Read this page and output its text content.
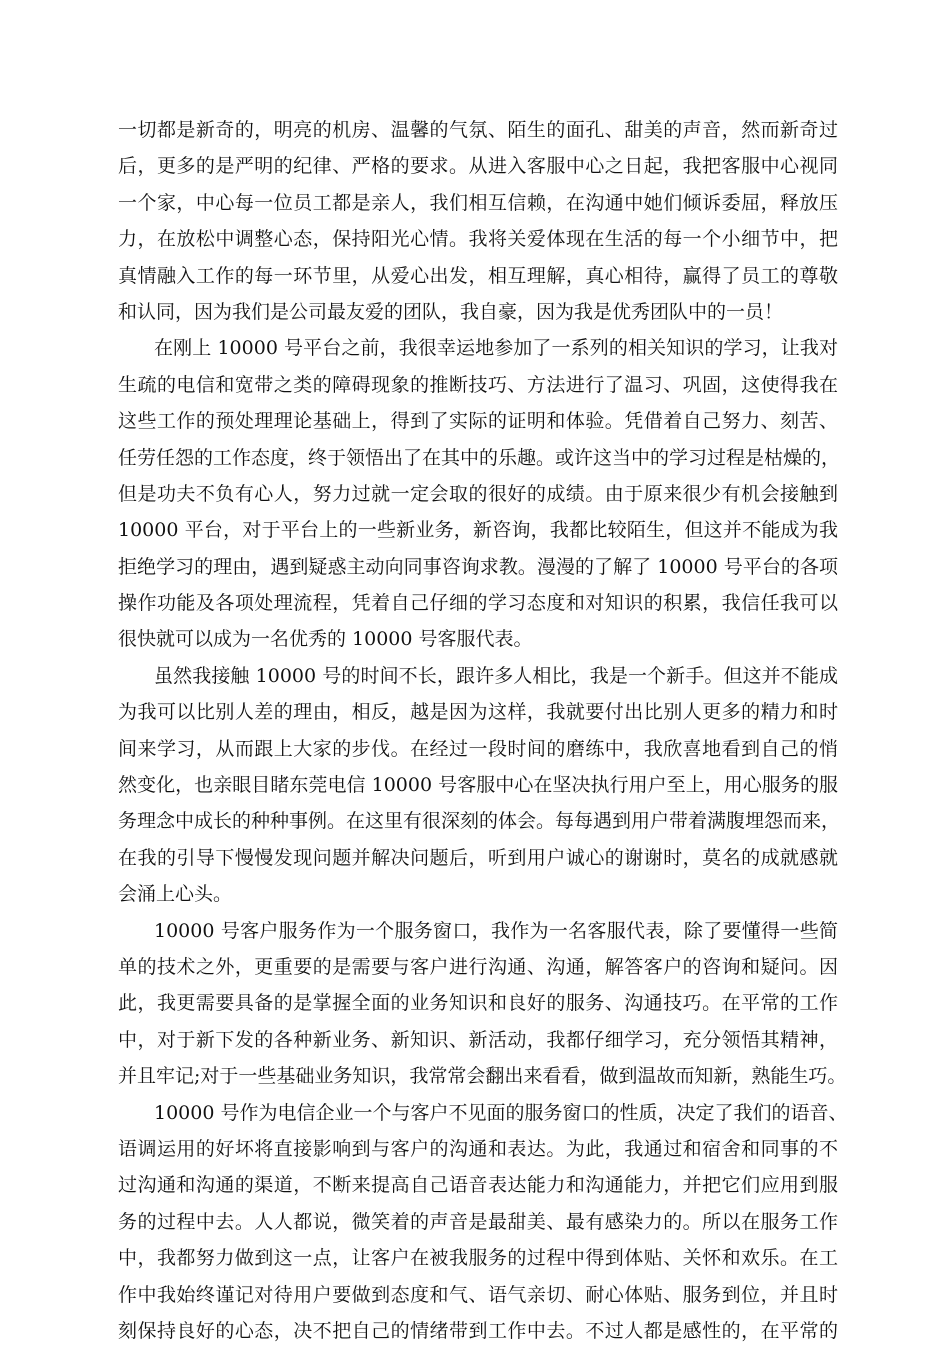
一切都是新奇的，明亮的机房、温馨的气氛、陌生的面孔、甜美的声音，然而新奇过
后，更多的是严明的纪律、严格的要求。从进入客服中心之日起，我把客服中心视同
一个家，中心每一位员工都是亲人，我们相互信赖，在沟通中她们倾诉委屈，释放压
力，在放松中调整心态，保持阳光心情。我将关爱体现在生活的每一个小细节中，把
真情融入工作的每一环节里，从爱心出发，相互理解，真心相待，赢得了员工的尊敬
和认同，因为我们是公司最友爱的团队，我自豪，因为我是优秀团队中的一员！
在刚上 10000 号平台之前，我很幸运地参加了一系列的相关知识的学习，让我对
生疏的电信和宽带之类的障碍现象的推断技巧、方法进行了温习、巩固，这使得我在
这些工作的预处理理论基础上，得到了实际的证明和体验。凭借着自己努力、刻苦、
任劳任怨的工作态度，终于领悟出了在其中的乐趣。或许这当中的学习过程是枯燥的，
但是功夫不负有心人，努力过就一定会取的很好的成绩。由于原来很少有机会接触到
10000 平台，对于平台上的一些新业务，新咨询，我都比较陌生，但这并不能成为我
拒绝学习的理由，遇到疑惑主动向同事咨询求教。漫漫的了解了 10000 号平台的各项
操作功能及各项处理流程，凭着自己仔细的学习态度和对知识的积累，我信任我可以
很快就可以成为一名优秀的 10000 号客服代表。
虽然我接触 10000 号的时间不长，跟许多人相比，我是一个新手。但这并不能成
为我可以比别人差的理由，相反，越是因为这样，我就要付出比别人更多的精力和时
间来学习，从而跟上大家的步伐。在经过一段时间的磨练中，我欣喜地看到自己的悄
然变化，也亲眼目睹东莞电信 10000 号客服中心在坚决执行用户至上，用心服务的服
务理念中成长的种种事例。在这里有很深刻的体会。每每遇到用户带着满腹埋怨而来，
在我的引导下慢慢发现问题并解决问题后，听到用户诚心的谢谢时，莫名的成就感就
会涌上心头。
10000 号客户服务作为一个服务窗口，我作为一名客服代表，除了要懂得一些简
单的技术之外，更重要的是需要与客户进行沟通、沟通，解答客户的咨询和疑问。因
此，我更需要具备的是掌握全面的业务知识和良好的服务、沟通技巧。在平常的工作
中，对于新下发的各种新业务、新知识、新活动，我都仔细学习，充分领悟其精神，
并且牢记;对于一些基础业务知识，我常常会翻出来看看，做到温故而知新，熟能生巧。
10000 号作为电信企业一个与客户不见面的服务窗口的性质，决定了我们的语音、
语调运用的好坏将直接影响到与客户的沟通和表达。为此，我通过和宿舍和同事的不
过沟通和沟通的渠道，不断来提高自己语音表达能力和沟通能力，并把它们应用到服
务的过程中去。人人都说，微笑着的声音是最甜美、最有感染力的。所以在服务工作
中，我都努力做到这一点，让客户在被我服务的过程中得到体贴、关怀和欢乐。在工
作中我始终谨记对待用户要做到态度和气、语气亲切、耐心体贴、服务到位，并且时
刻保持良好的心态，决不把自己的情绪带到工作中去。不过人都是感性的，在平常的
